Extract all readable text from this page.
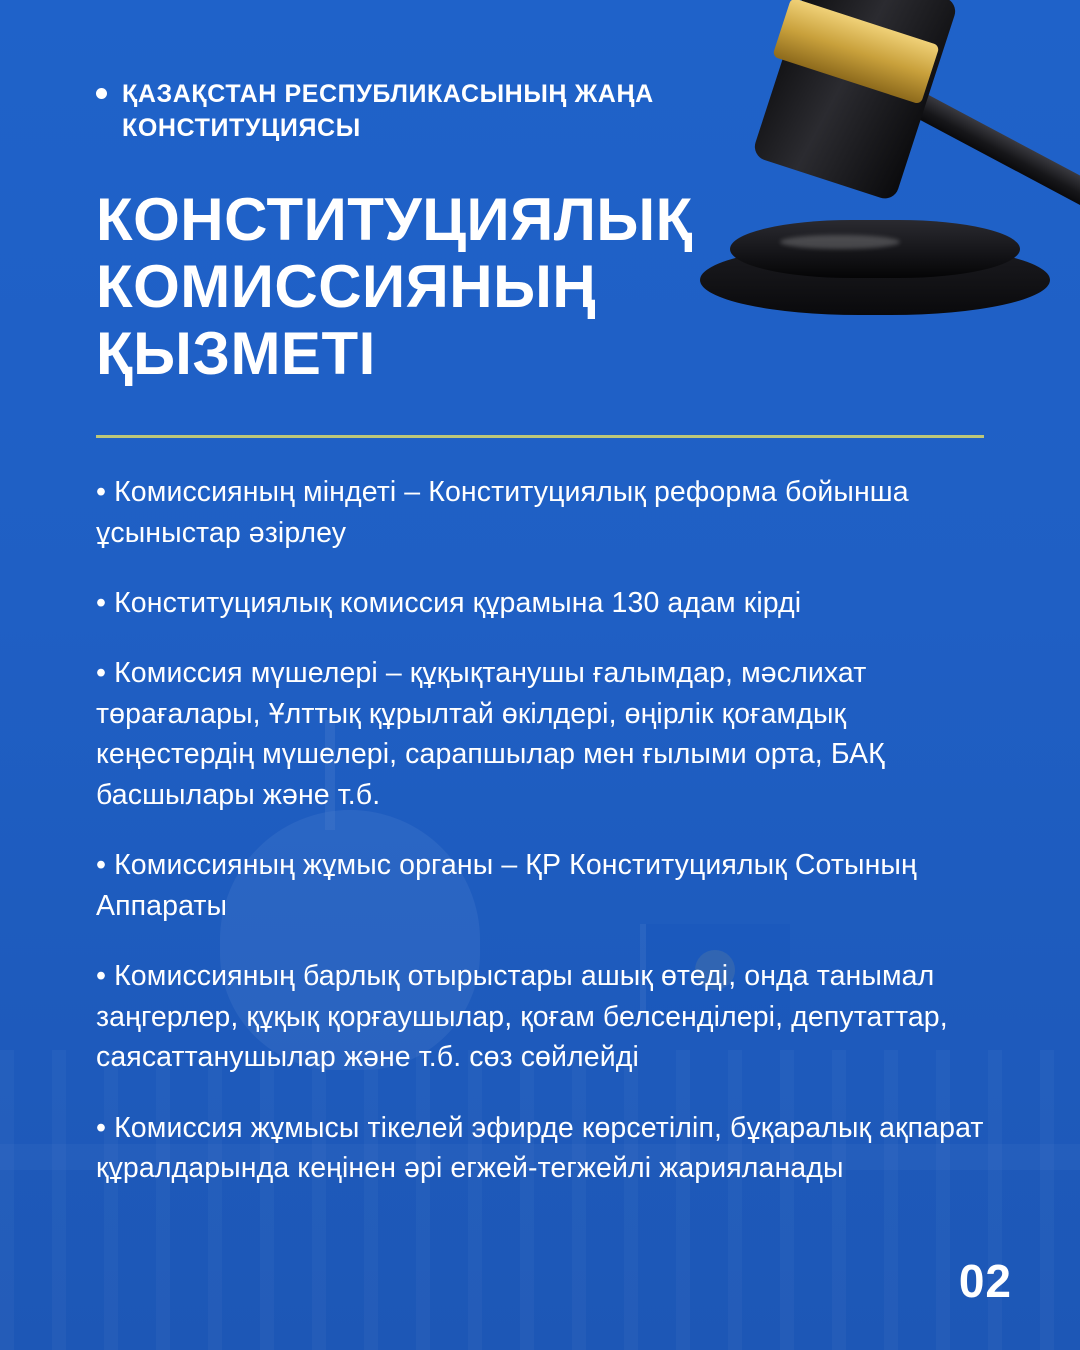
ҚАЗАҚСТАН РЕСПУБЛИКАСЫНЫҢ ЖАҢА КОНСТИТУЦИЯСЫ
КОНСТИТУЦИЯЛЫҚ КОМИССИЯНЫҢ ҚЫЗМЕТІ

• Комиссияның міндеті – Конституциялық реформа бойынша ұсыныстар әзірлеу

• Конституциялық комиссия құрамына 130 адам кірді

• Комиссия мүшелері – құқықтанушы ғалымдар, мәслихат төрағалары, Ұлттық құрылтай өкілдері, өңірлік қоғамдық кеңестердің мүшелері, сарапшылар мен ғылыми орта, БАҚ басшылары және т.б.

• Комиссияның жұмыс органы – ҚР Конституциялық Сотының Аппараты

• Комиссияның барлық отырыстары ашық өтеді, онда танымал заңгерлер, құқық қорғаушылар, қоғам белсенділері, депутаттар, саясаттанушылар және т.б. сөз сөйлейді

• Комиссия жұмысы тікелей эфирде көрсетіліп, бұқаралық ақпарат құралдарында кеңінен әрі егжей-тегжейлі жарияланады

02
